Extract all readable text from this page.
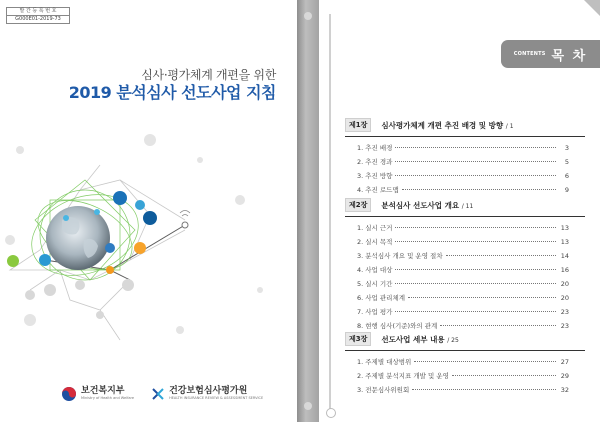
발 간 등 록 번 호
G000E01-2019-73
심사·평가체계 개편을 위한
2019 분석심사 선도사업 지침
보건복지부
Ministry of Health and Welfare
건강보험심사평가원
HEALTH INSURANCE REVIEW & ASSESSMENT SERVICE
CONTENTS 목 차
제1장	심사평가체계 개편 추진 배경 및 방향 / 1
1. 추진 배경	3
2. 추진 경과	5
3. 추진 방향	6
4. 추진 로드맵	9
제2장	분석심사 선도사업 개요 / 11
1. 실시 근거	13
2. 실시 목적	13
3. 분석심사 개요 및 운영 절차	14
4. 사업 대상	16
5. 실시 기간	20
6. 사업 관리체계	20
7. 사업 평가	23
8. 현행 심사(기준)와의 관계	23
제3장	선도사업 세부 내용 / 25
1. 주제별 대상범위	27
2. 주제별 분석지표 개발 및 운영	29
3. 전문심사위원회	32
